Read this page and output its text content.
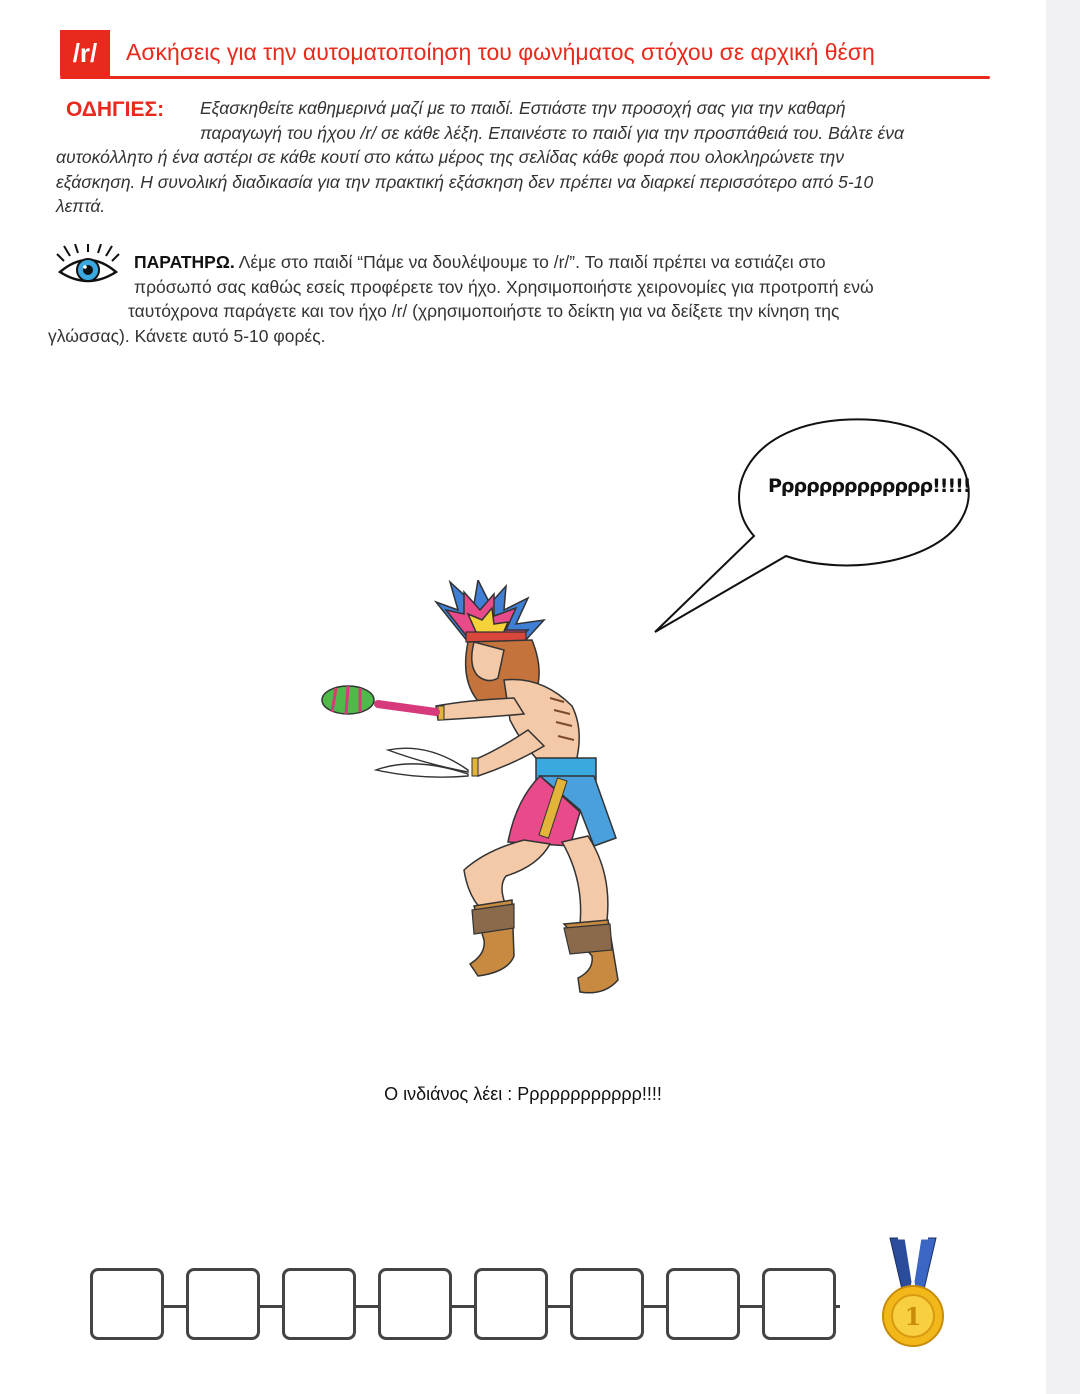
/r/	Ασκήσεις για την αυτοματοποίηση του φωνήματος στόχου σε αρχική θέση
ΟΔΗΓΙΕΣ:	Εξασκηθείτε καθημερινά μαζί με το παιδί. Εστιάστε την προσοχή σας για την καθαρή
παραγωγή του ήχου /r/ σε κάθε λέξη. Επαινέστε το παιδί για την προσπάθειά του. Βάλτε ένα
αυτοκόλλητο ή ένα αστέρι σε κάθε κουτί στο κάτω μέρος της σελίδας κάθε φορά που ολοκληρώνετε την
εξάσκηση. Η συνολική διαδικασία για την πρακτική εξάσκηση δεν πρέπει να διαρκεί περισσότερο από 5-10
λεπτά.
ΠΑΡΑΤΗΡΩ. Λέμε στο παιδί “Πάμε να δουλέψουμε το /r/”. Το παιδί πρέπει να εστιάζει στο
πρόσωπό σας καθώς εσείς προφέρετε τον ήχο. Χρησιμοποιήστε χειρονομίες για προτροπή ενώ
ταυτόχρονα παράγετε και τον ήχο /r/ (χρησιμοποιήστε το δείκτη για να δείξετε την κίνηση της
γλώσσας). Κάνετε αυτό 5-10 φορές.
Ρρρρρρρρρρρρρ!!!!!
Ο ινδιάνος λέει : Ρρρρρρρρρρρρ!!!!
1
